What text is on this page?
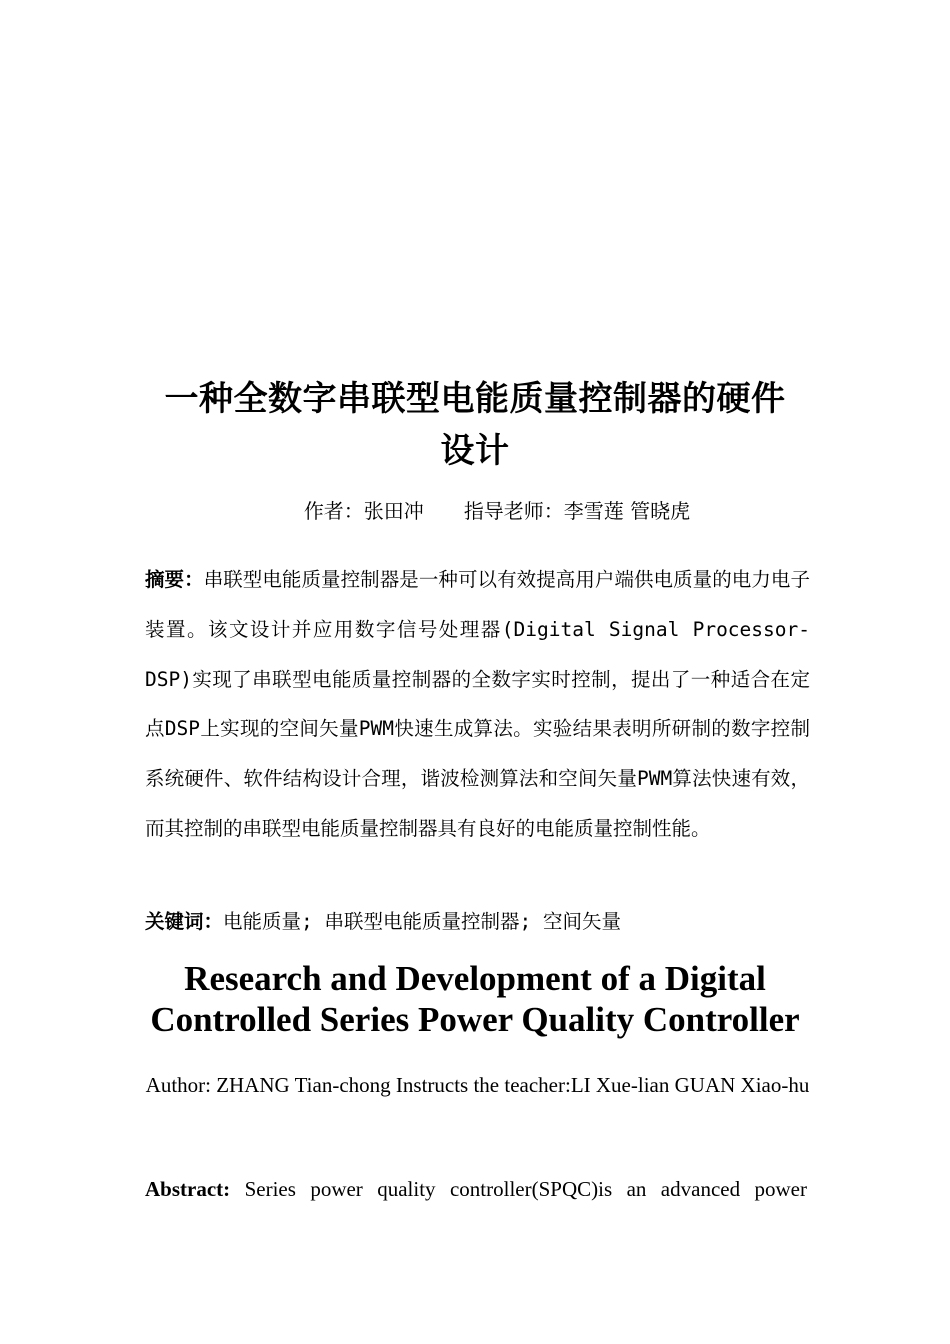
一种全数字串联型电能质量控制器的硬件
设计
作者：张田冲 指导老师：李雪莲 管晓虎
摘要：串联型电能质量控制器是一种可以有效提高用户端供电质量的电力电子装置。该文设计并应用数字信号处理器(Digital Signal Processor-DSP)实现了串联型电能质量控制器的全数字实时控制，提出了一种适合在定点DSP上实现的空间矢量PWM快速生成算法。实验结果表明所研制的数字控制系统硬件、软件结构设计合理，谐波检测算法和空间矢量PWM算法快速有效，而其控制的串联型电能质量控制器具有良好的电能质量控制性能。
关键词：电能质量; 串联型电能质量控制器; 空间矢量
Research and Development of a Digital
Controlled Series Power Quality Controller
Author: ZHANG Tian-chong Instructs the teacher:LI Xue-lian GUAN Xiao-hu
Abstract: Series power quality controller(SPQC)is an advanced power
